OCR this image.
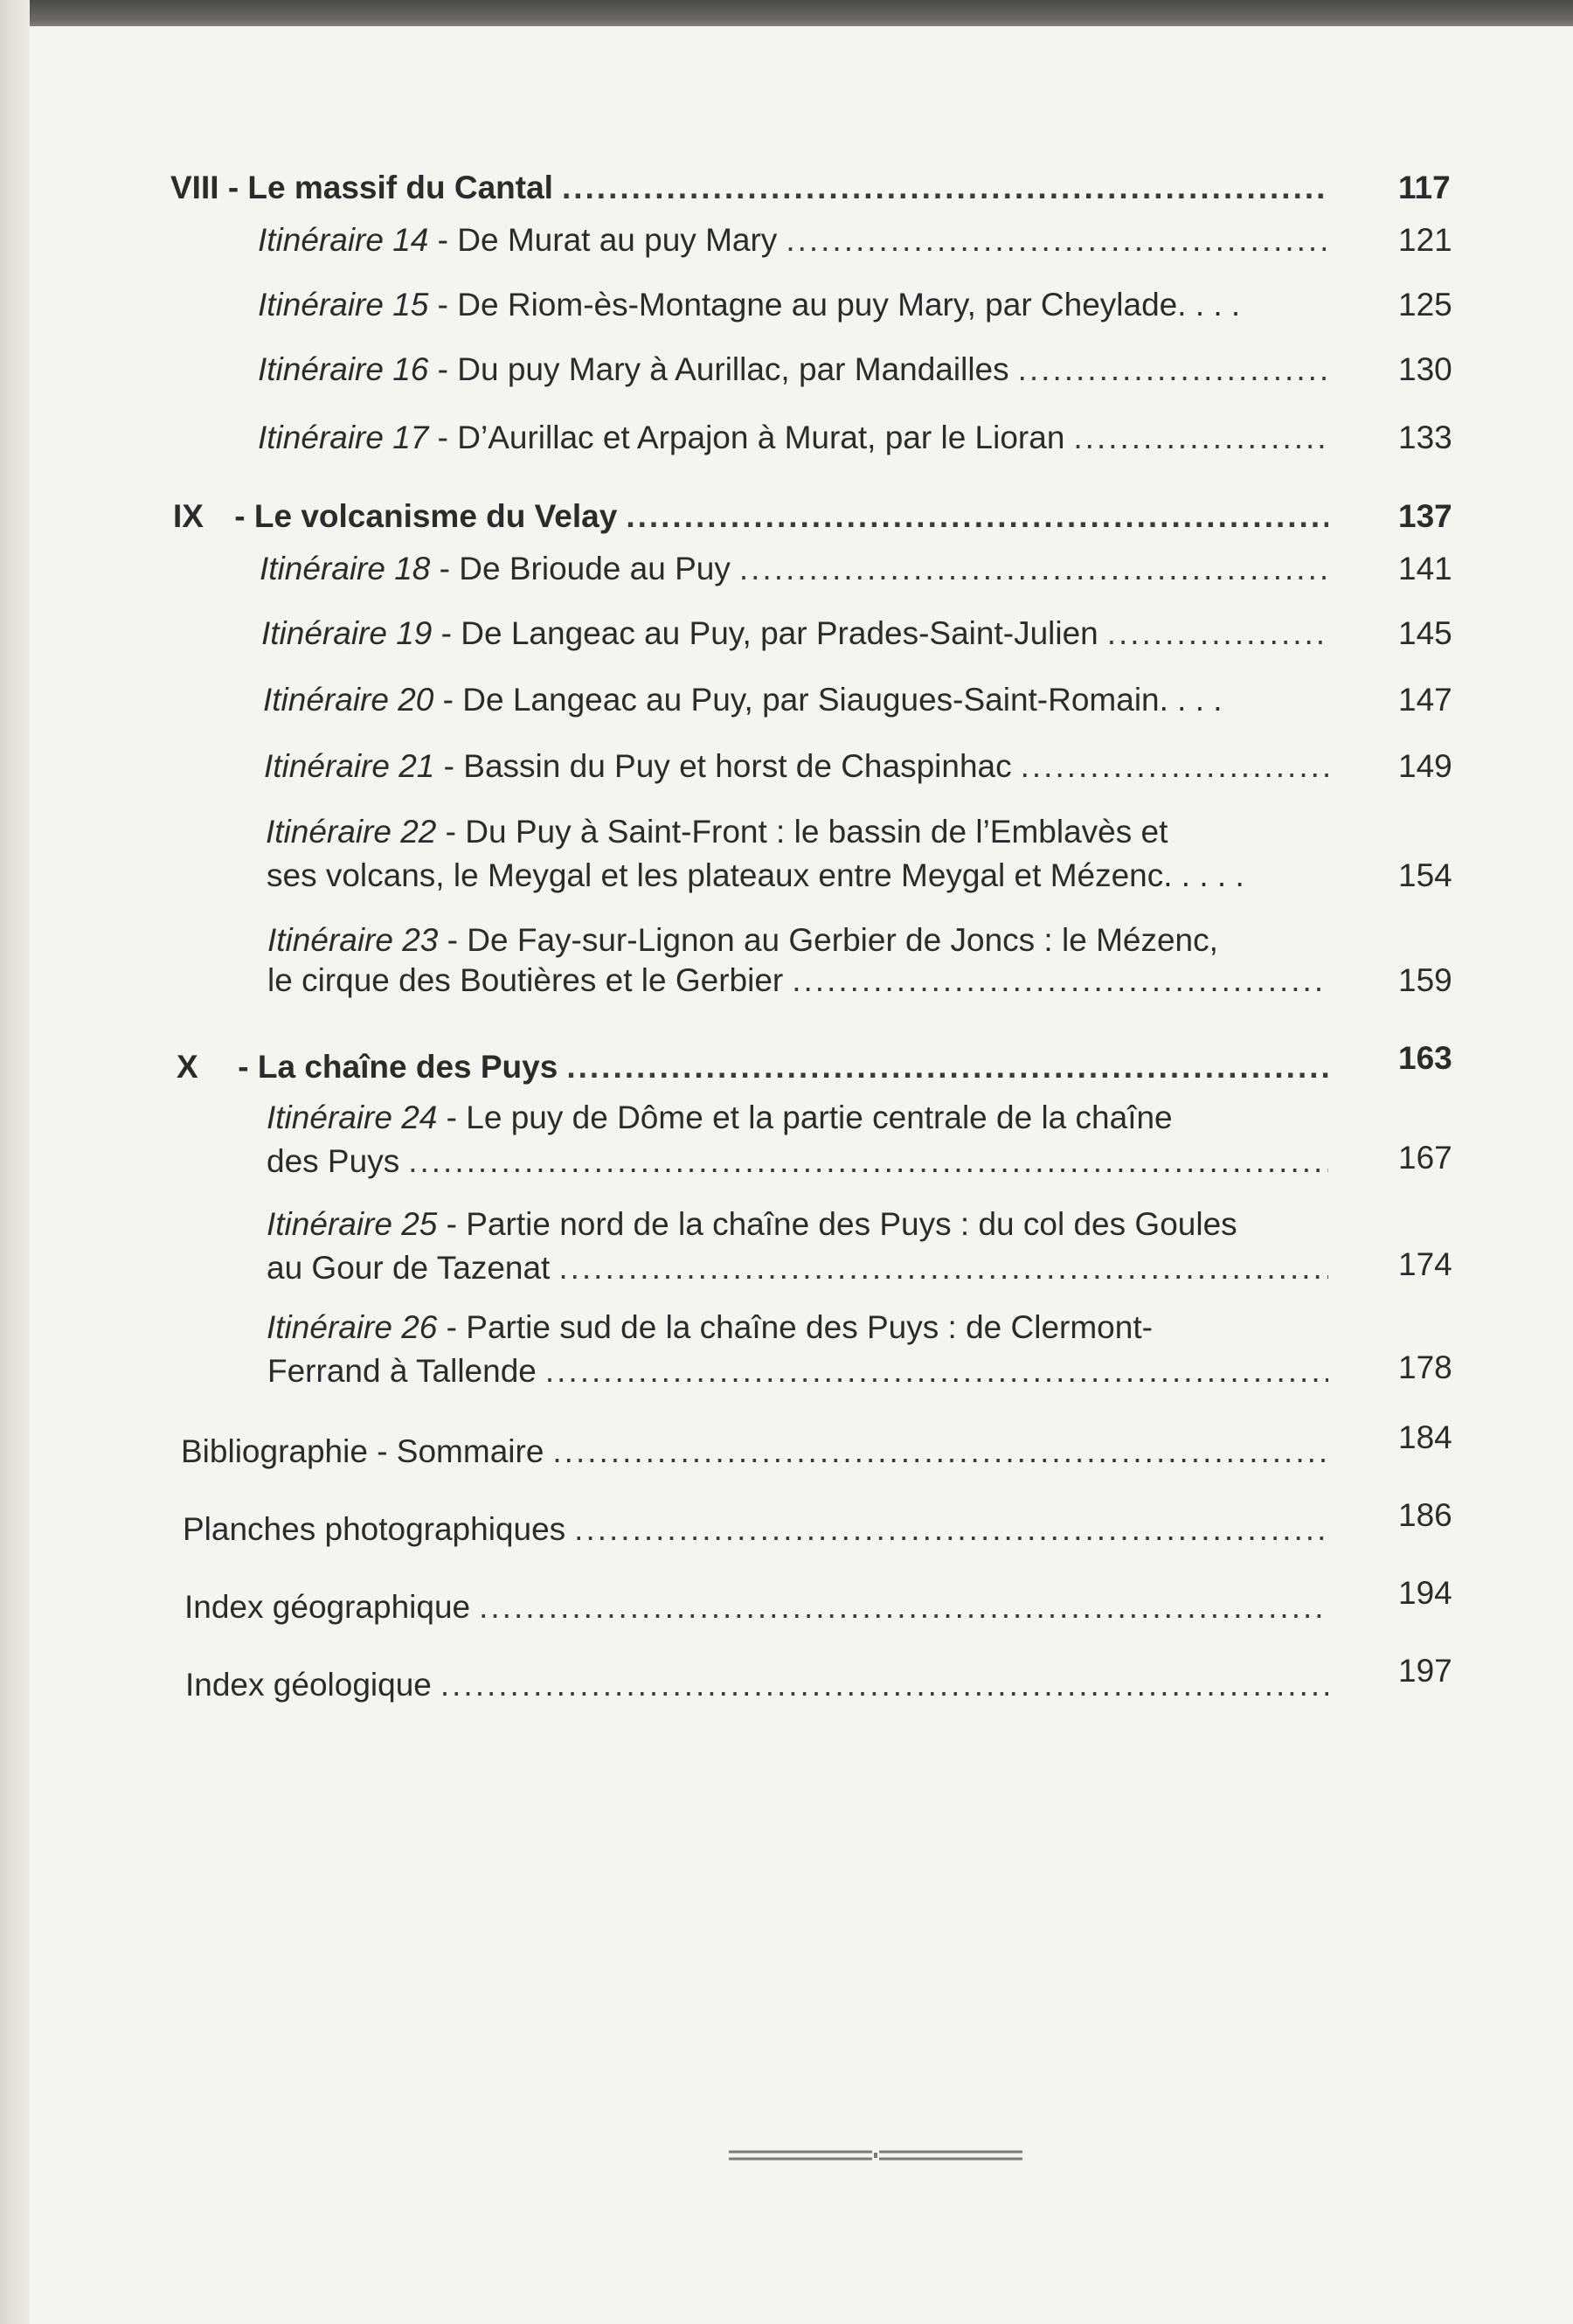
VIII - Le massif du Cantal .....	117
Itinéraire 14 - De Murat au puy Mary .....	121
Itinéraire 15 - De Riom-ès-Montagne au puy Mary, par Cheylade. . . .	125
Itinéraire 16 - Du puy Mary à Aurillac, par Mandailles .....	130
Itinéraire 17 - D’Aurillac et Arpajon à Murat, par le Lioran .....	133
IX - Le volcanisme du Velay .....	137
Itinéraire 18 - De Brioude au Puy .....	141
Itinéraire 19 - De Langeac au Puy, par Prades-Saint-Julien .....	145
Itinéraire 20 - De Langeac au Puy, par Siaugues-Saint-Romain. . . .	147
Itinéraire 21 - Bassin du Puy et horst de Chaspinhac .....	149
Itinéraire 22 - Du Puy à Saint-Front : le bassin de l’Emblavès et
ses volcans, le Meygal et les plateaux entre Meygal et Mézenc. . . . .	154
Itinéraire 23 - De Fay-sur-Lignon au Gerbier de Joncs : le Mézenc,
le cirque des Boutières et le Gerbier .....	159
X - La chaîne des Puys .....	163
Itinéraire 24 - Le puy de Dôme et la partie centrale de la chaîne
des Puys .....	167
Itinéraire 25 - Partie nord de la chaîne des Puys : du col des Goules
au Gour de Tazenat .....	174
Itinéraire 26 - Partie sud de la chaîne des Puys : de Clermont-
Ferrand à Tallende .....	178
Bibliographie - Sommaire .....	184
Planches photographiques .....	186
Index géographique .....	194
Index géologique .....	197
